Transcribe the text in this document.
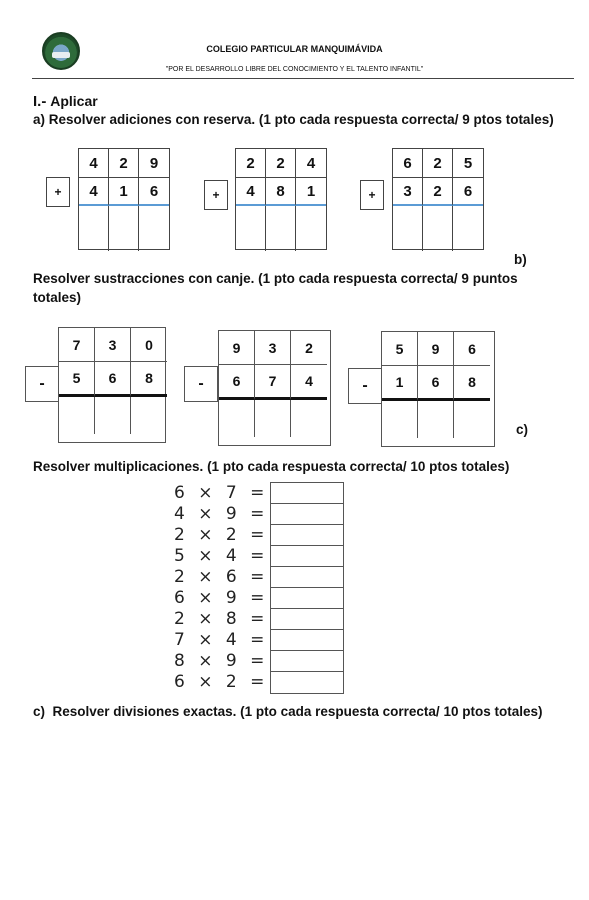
COLEGIO PARTICULAR MANQUIMÁVIDA
"POR EL DESARROLLO LIBRE DEL CONOCIMIENTO Y EL TALENTO INFANTIL"
I.- Aplicar
a) Resolver adiciones con reserva. (1 pto cada respuesta correcta/ 9 ptos totales)
+
4	2	9
4	1	6	+
2	2	4
4	8	1	+
6	2	5
3	2	6
b)
Resolver sustracciones con canje. (1 pto cada respuesta correcta/ 9 puntos
totales)
-
7	3	0
5	6	8	-
9	3	2
6	7	4	-
5	9	6
1	6	8
c)
Resolver multiplicaciones. (1 pto cada respuesta correcta/ 10 ptos totales)
6 × 7 =
4 × 9 =
2 × 2 =
5 × 4 =
2 × 6 =
6 × 9 =
2 × 8 =
7 × 4 =
8 × 9 =
6 × 2 =
c)  Resolver divisiones exactas. (1 pto cada respuesta correcta/ 10 ptos totales)
